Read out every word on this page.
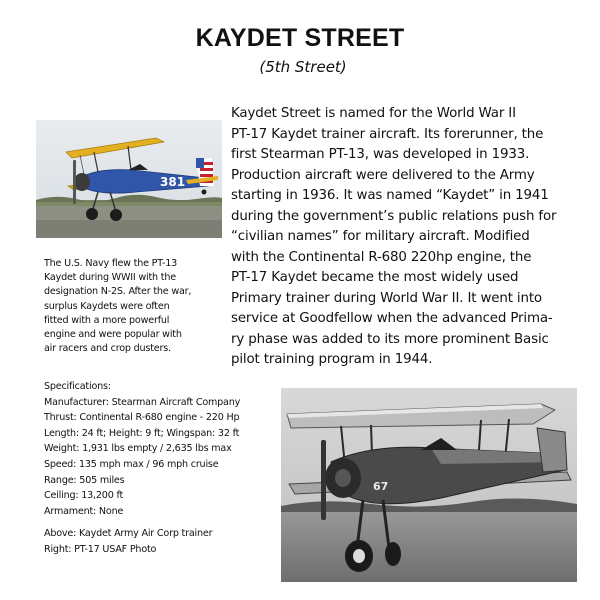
KAYDET STREET
(5th Street)
381
The U.S. Navy flew the PT-13
Kaydet during WWII with the
designation N-2S. After the war,
surplus Kaydets were often
fitted with a more powerful
engine and were popular with
air racers and crop dusters.
Kaydet Street is named for the World War II
PT-17 Kaydet trainer aircraft. Its forerunner, the
first Stearman PT-13, was developed in 1933.
Production aircraft were delivered to the Army
starting in 1936. It was named “Kaydet” in 1941
during the government’s public relations push for
“civilian names” for military aircraft. Modified
with the Continental R-680 220hp engine, the
PT-17 Kaydet became the most widely used
Primary trainer during World War II. It went into
service at Goodfellow when the advanced Prima-
ry phase was added to its more prominent Basic
pilot training program in 1944.
Specifications:
Manufacturer: Stearman Aircraft Company
Thrust: Continental R-680 engine - 220 Hp
Length: 24 ft; Height: 9 ft; Wingspan: 32 ft
Weight: 1,931 lbs empty / 2,635 lbs max
Speed: 135 mph max / 96 mph cruise
Range: 505 miles
Ceiling: 13,200 ft
Armament: None
Above: Kaydet Army Air Corp trainer
Right: PT-17 USAF Photo
67
